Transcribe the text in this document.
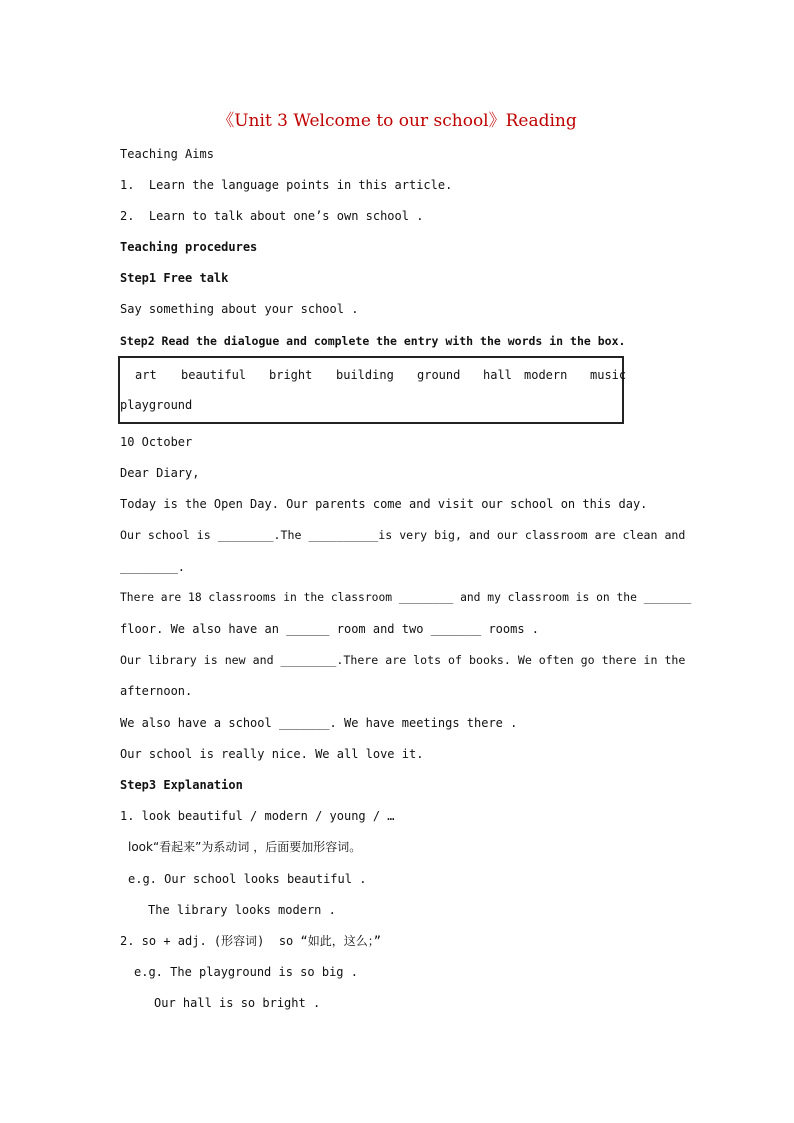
《Unit 3 Welcome to our school》Reading
Teaching Aims
1.  Learn the language points in this article.
2.  Learn to talk about one’s own school .
Teaching procedures
Step1 Free talk
Say something about your school .
Step2 Read the dialogue and complete the entry with the words in the box.
art beautiful bright building ground hall modern music
playground
10 October
Dear Diary,
Today is the Open Day. Our parents come and visit our school on this day.
Our school is ________.The __________is very big, and our classroom are clean and
________.
There are 18 classrooms in the classroom ________ and my classroom is on the _______
floor. We also have an ______ room and two _______ rooms .
Our library is new and ________.There are lots of books. We often go there in the
afternoon.
We also have a school _______. We have meetings there .
Our school is really nice. We all love it.
Step3 Explanation
1. look beautiful / modern / young / …
look“看起来”为系动词 ，后面要加形容词。
e.g. Our school looks beautiful .
The library looks modern .
2. so + adj. (形容词)  so “如此，这么；”
e.g. The playground is so big .
Our hall is so bright .
